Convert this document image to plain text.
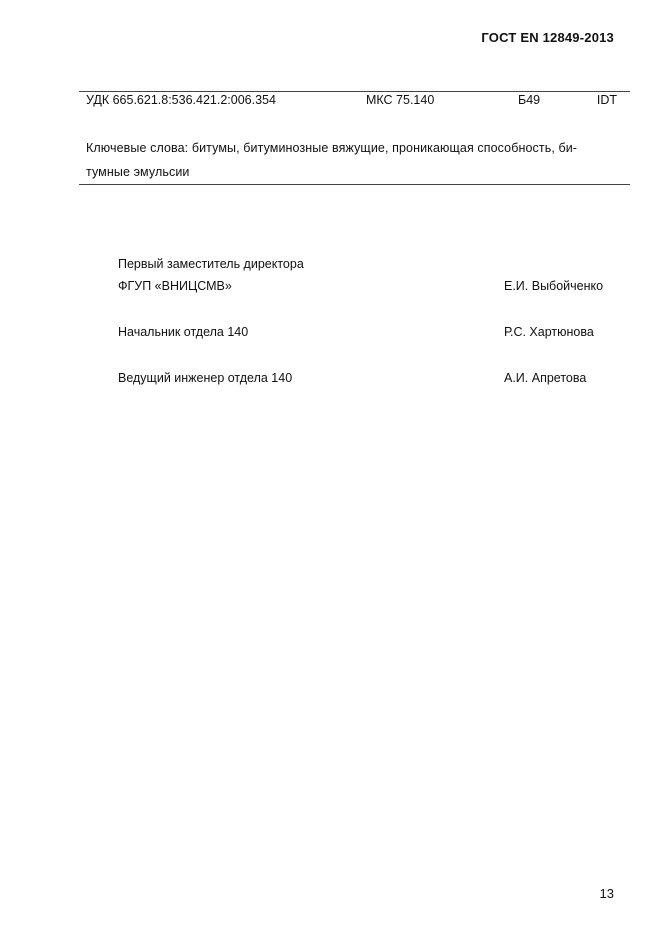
ГОСТ EN 12849-2013
УДК 665.621.8:536.421.2:006.354	МКС 75.140	Б49	IDT
Ключевые слова: битумы, битуминозные вяжущие, проникающая способность, би-
тумные эмульсии
Первый заместитель директора
ФГУП «ВНИЦСМВ»	Е.И. Выбойченко
Начальник отдела 140	Р.С. Хартюнова
Ведущий инженер отдела 140	А.И. Апретова
13
